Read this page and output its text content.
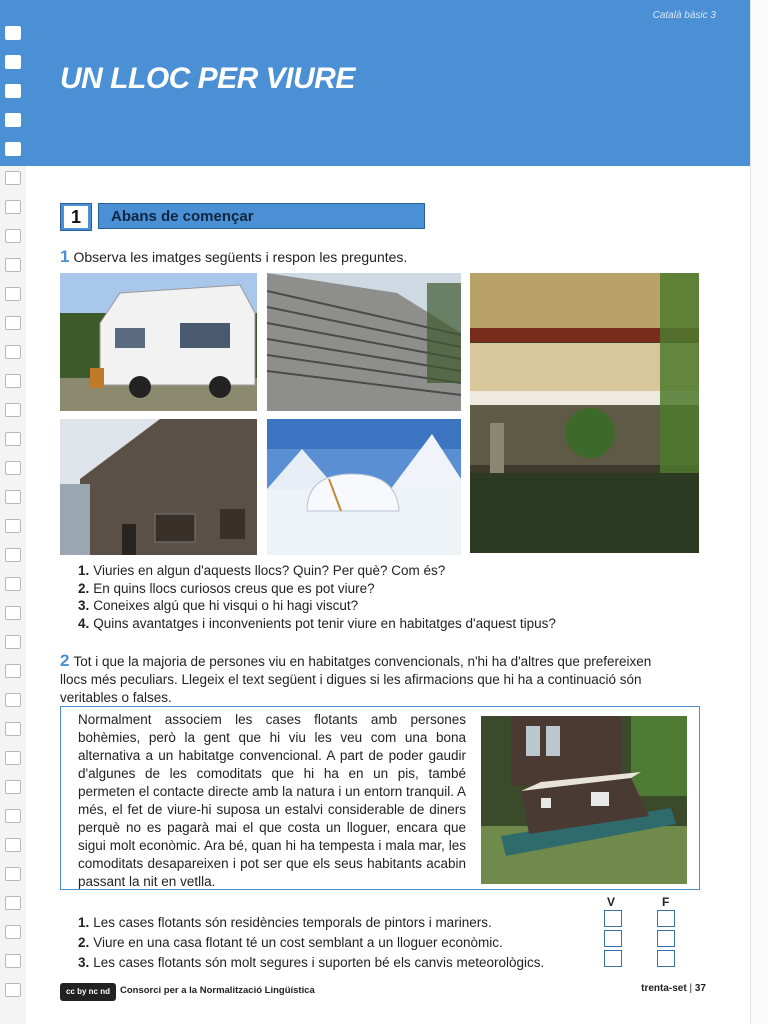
Català bàsic 3
UN LLOC PER VIURE
1	Abans de començar
1 Observa les imatges següents i respon les preguntes.
1. Viuries en algun d'aquests llocs? Quin? Per què? Com és?
2. En quins llocs curiosos creus que es pot viure?
3. Coneixes algú que hi visqui o hi hagi viscut?
4. Quins avantatges i inconvenients pot tenir viure en habitatges d'aquest tipus?
2 Tot i que la majoria de persones viu en habitatges convencionals, n'hi ha d'altres que prefereixen
llocs més peculiars. Llegeix el text següent i digues si les afirmacions que hi ha a continuació són
veritables o falses.
Normalment associem les cases flotants amb persones bohèmies, però la gent que hi viu les veu com una bona alternativa a un habitatge convencional. A part de poder gaudir d'algunes de les comoditats que hi ha en un pis, també permeten el contacte directe amb la natura i un entorn tranquil. A més, el fet de viure-hi suposa un estalvi considerable de diners perquè no es pagarà mai el que costa un lloguer, encara que sigui molt econòmic. Ara bé, quan hi ha tempesta i mala mar, les comoditats desapareixen i pot ser que els seus habitants acabin passant la nit en vetlla.
V	F
1. Les cases flotants són residències temporals de pintors i mariners.
2. Viure en una casa flotant té un cost semblant a un lloguer econòmic.
3. Les cases flotants són molt segures i suporten bé els canvis meteorològics.
cc by nc nd	Consorci per a la Normalització Lingüística	trenta-set | 37
